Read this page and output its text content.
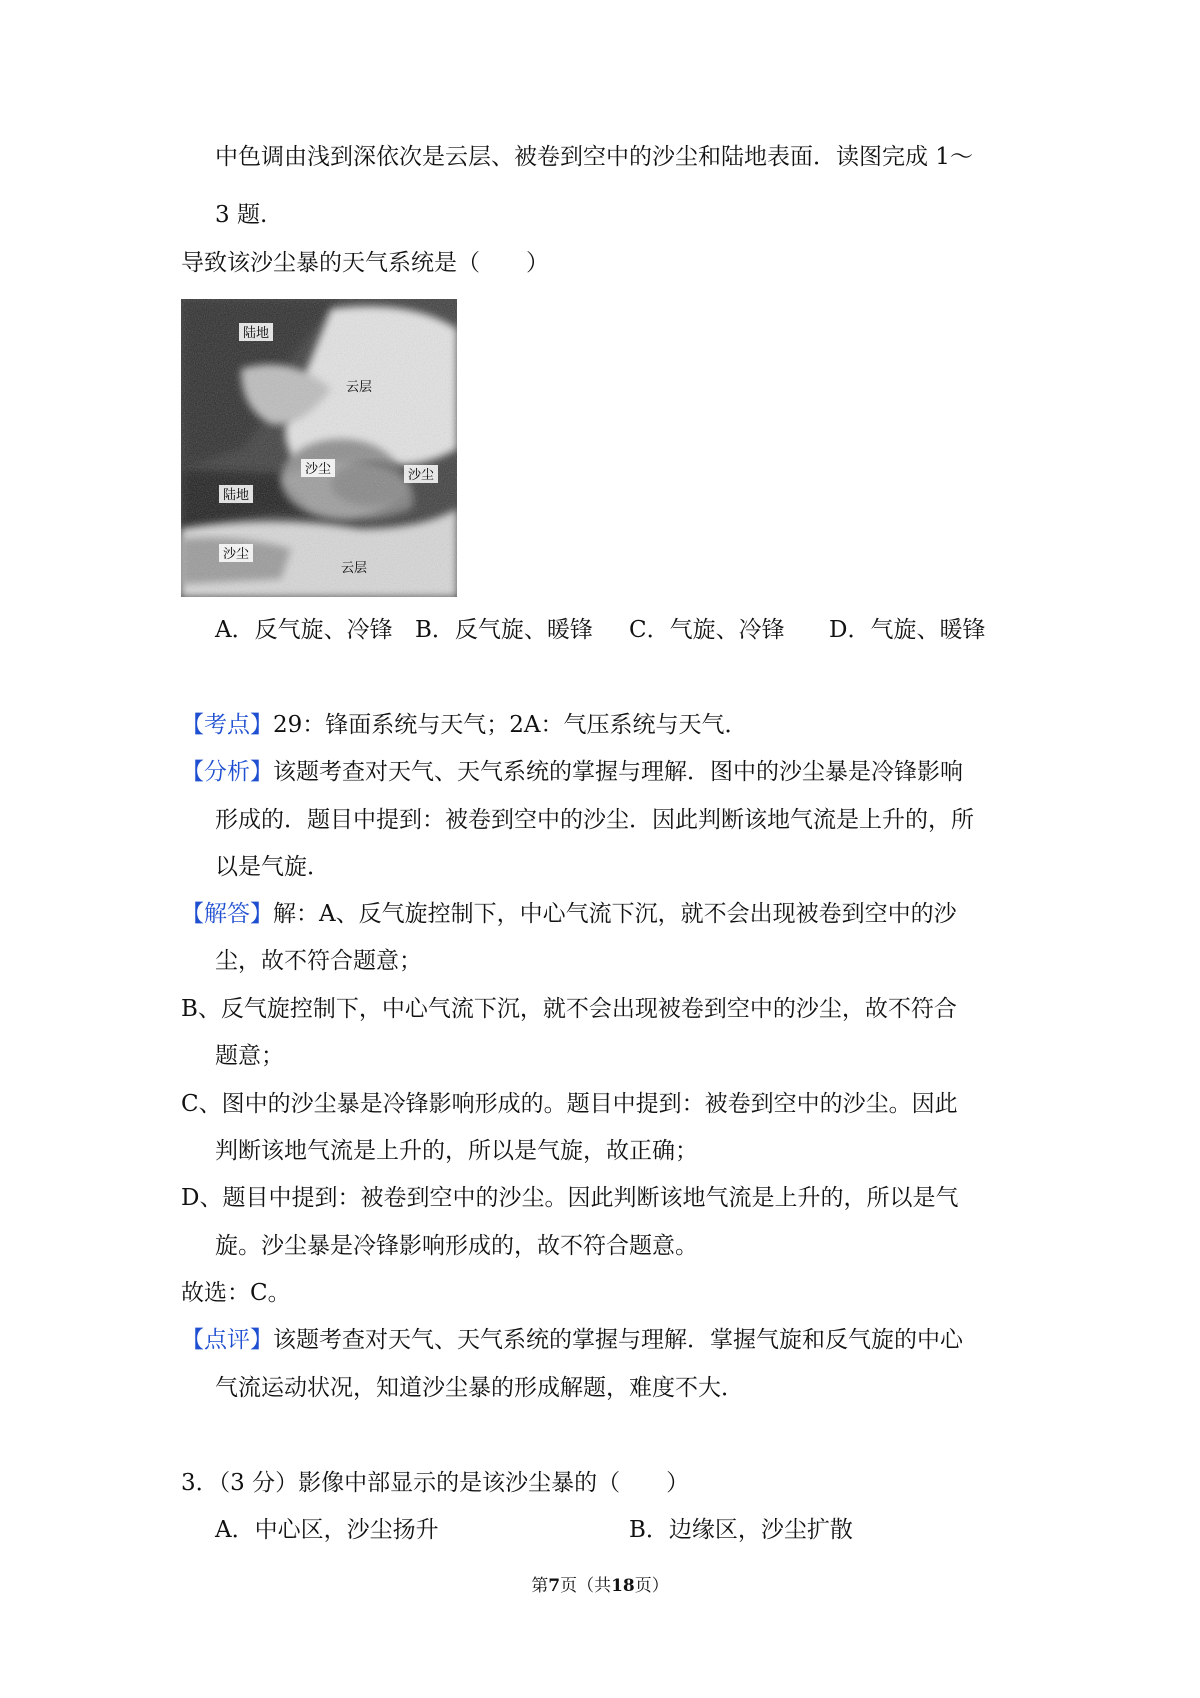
中色调由浅到深依次是云层、被卷到空中的沙尘和陆地表面．读图完成 1～
3 题.
导致该沙尘暴的天气系统是（　　）
陆地
云层
沙尘	沙尘
陆地
沙尘
云层
A．反气旋、冷锋 B．反气旋、暖锋 C．气旋、冷锋 D．气旋、暖锋
【考点】29：锋面系统与天气；2A：气压系统与天气．
【分析】该题考查对天气、天气系统的掌握与理解．图中的沙尘暴是冷锋影响
形成的．题目中提到：被卷到空中的沙尘．因此判断该地气流是上升的，所
以是气旋．
【解答】解：A、反气旋控制下，中心气流下沉，就不会出现被卷到空中的沙
尘，故不符合题意；
B、反气旋控制下，中心气流下沉，就不会出现被卷到空中的沙尘，故不符合
题意；
C、图中的沙尘暴是冷锋影响形成的。题目中提到：被卷到空中的沙尘。因此
判断该地气流是上升的，所以是气旋，故正确；
D、题目中提到：被卷到空中的沙尘。因此判断该地气流是上升的，所以是气
旋。沙尘暴是冷锋影响形成的，故不符合题意。
故选：C。
【点评】该题考查对天气、天气系统的掌握与理解．掌握气旋和反气旋的中心
气流运动状况，知道沙尘暴的形成解题，难度不大．
3．（3 分）影像中部显示的是该沙尘暴的（　　）
A．中心区，沙尘扬升	B．边缘区，沙尘扩散
第7页（共18页）
